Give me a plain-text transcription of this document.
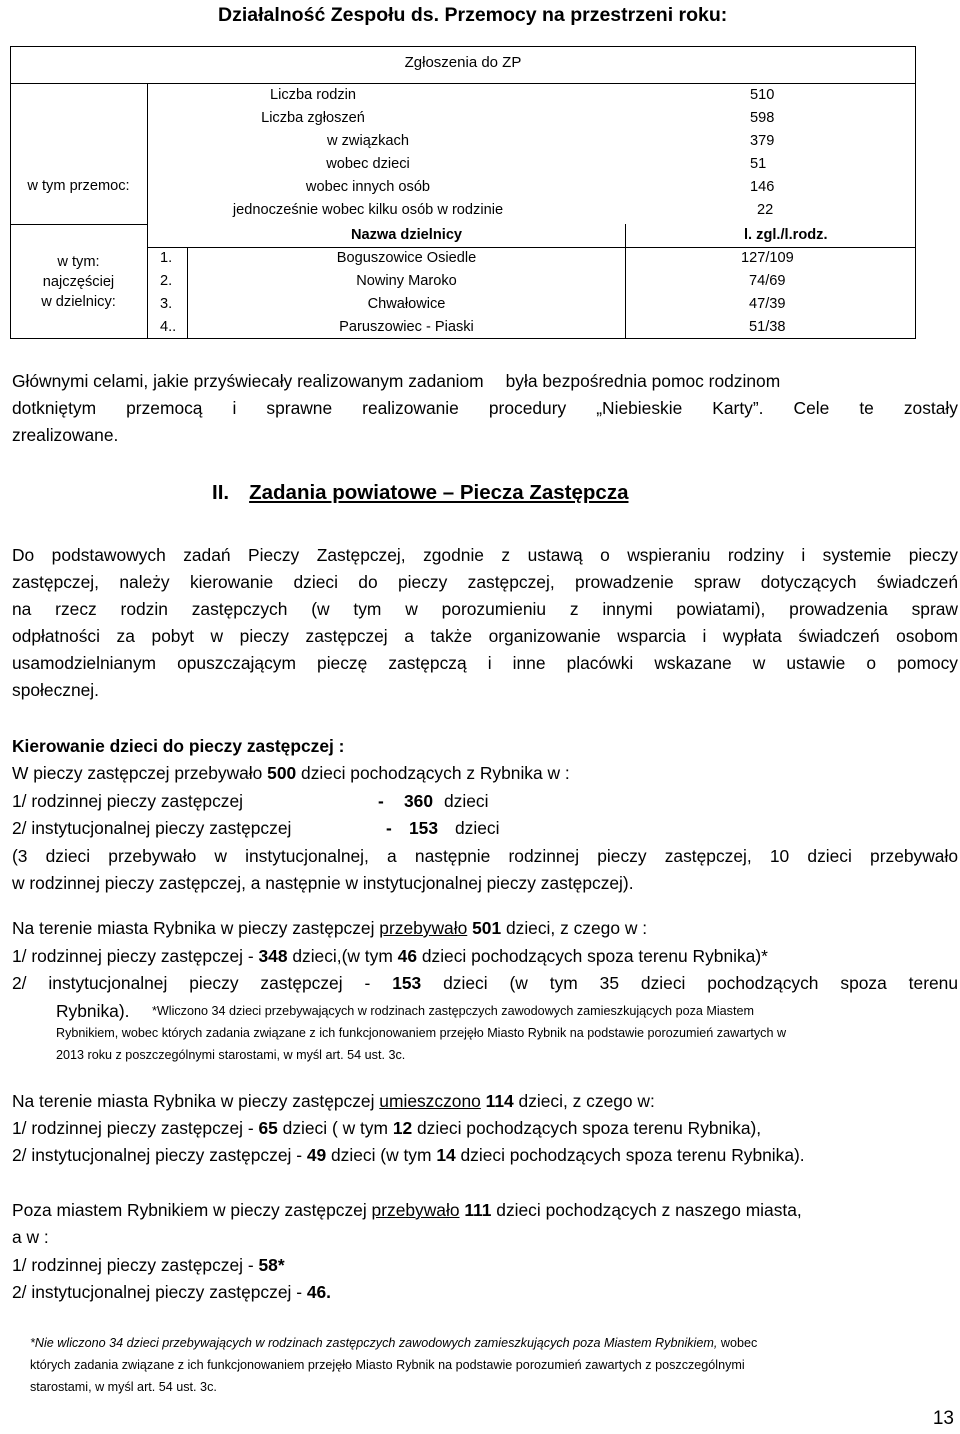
Działalność Zespołu ds. Przemocy na przestrzeni roku:
Zgłoszenia do ZP
Liczba rodzin	510
Liczba zgłoszeń	598
w tym przemoc:
w związkach	379
wobec dzieci	51
wobec innych osób	146
jednocześnie wobec kilku osób w rodzinie	22
Nazwa dzielnicy	l. zgl./l.rodz.
w tym:
najczęściej
w dzielnicy:
1.	Boguszowice Osiedle	127/109
2.	Nowiny Maroko	74/69
3.	Chwałowice	47/39
4..	Paruszowiec - Piaski	51/38
Głównymi celami, jakie przyświecały realizowanym zadaniom była bezpośrednia pomoc rodzinom
dotkniętym przemocą i sprawne realizowanie procedury „Niebieskie Karty”. Cele te zostały
zrealizowane.
II. Zadania powiatowe – Piecza Zastępcza
Do podstawowych zadań Pieczy Zastępczej, zgodnie z ustawą o wspieraniu rodziny i systemie pieczy
zastępczej, należy kierowanie dzieci do pieczy zastępczej, prowadzenie spraw dotyczących świadczeń
na rzecz rodzin zastępczych (w tym w porozumieniu z innymi powiatami), prowadzenia spraw
odpłatności za pobyt w pieczy zastępczej a także organizowanie wsparcia i wypłata świadczeń osobom
usamodzielnianym opuszczającym pieczę zastępczą i inne placówki wskazane w ustawie o pomocy
społecznej.
Kierowanie dzieci do pieczy zastępczej :
W pieczy zastępczej przebywało 500 dzieci pochodzących z Rybnika w :
1/ rodzinnej pieczy zastępczej	- 360 dzieci
2/ instytucjonalnej pieczy zastępczej	- 153 dzieci
(3 dzieci przebywało w instytucjonalnej, a następnie rodzinnej pieczy zastępczej, 10 dzieci przebywało
w rodzinnej pieczy zastępczej, a następnie w instytucjonalnej pieczy zastępczej).
Na terenie miasta Rybnika w pieczy zastępczej przebywało 501 dzieci, z czego w :
1/ rodzinnej pieczy zastępczej - 348 dzieci,(w tym 46 dzieci pochodzących spoza terenu Rybnika)*
2/ instytucjonalnej pieczy zastępczej - 153 dzieci (w tym 35 dzieci pochodzących spoza terenu
Rybnika). *Wliczono 34 dzieci przebywających w rodzinach zastępczych zawodowych zamieszkujących poza Miastem
Rybnikiem, wobec których zadania związane z ich funkcjonowaniem przejęło Miasto Rybnik na podstawie porozumień zawartych w
2013 roku z poszczególnymi starostami, w myśl art. 54 ust. 3c.
Na terenie miasta Rybnika w pieczy zastępczej umieszczono 114 dzieci, z czego w:
1/ rodzinnej pieczy zastępczej - 65 dzieci ( w tym 12 dzieci pochodzących spoza terenu Rybnika),
2/ instytucjonalnej pieczy zastępczej - 49 dzieci (w tym 14 dzieci pochodzących spoza terenu Rybnika).
Poza miastem Rybnikiem w pieczy zastępczej przebywało 111 dzieci pochodzących z naszego miasta,
a w :
1/ rodzinnej pieczy zastępczej - 58*
2/ instytucjonalnej pieczy zastępczej - 46.
*Nie wliczono 34 dzieci przebywających w rodzinach zastępczych zawodowych zamieszkujących poza Miastem Rybnikiem, wobec
których zadania związane z ich funkcjonowaniem przejęło Miasto Rybnik na podstawie porozumień zawartych z poszczególnymi
starostami, w myśl art. 54 ust. 3c.
13
